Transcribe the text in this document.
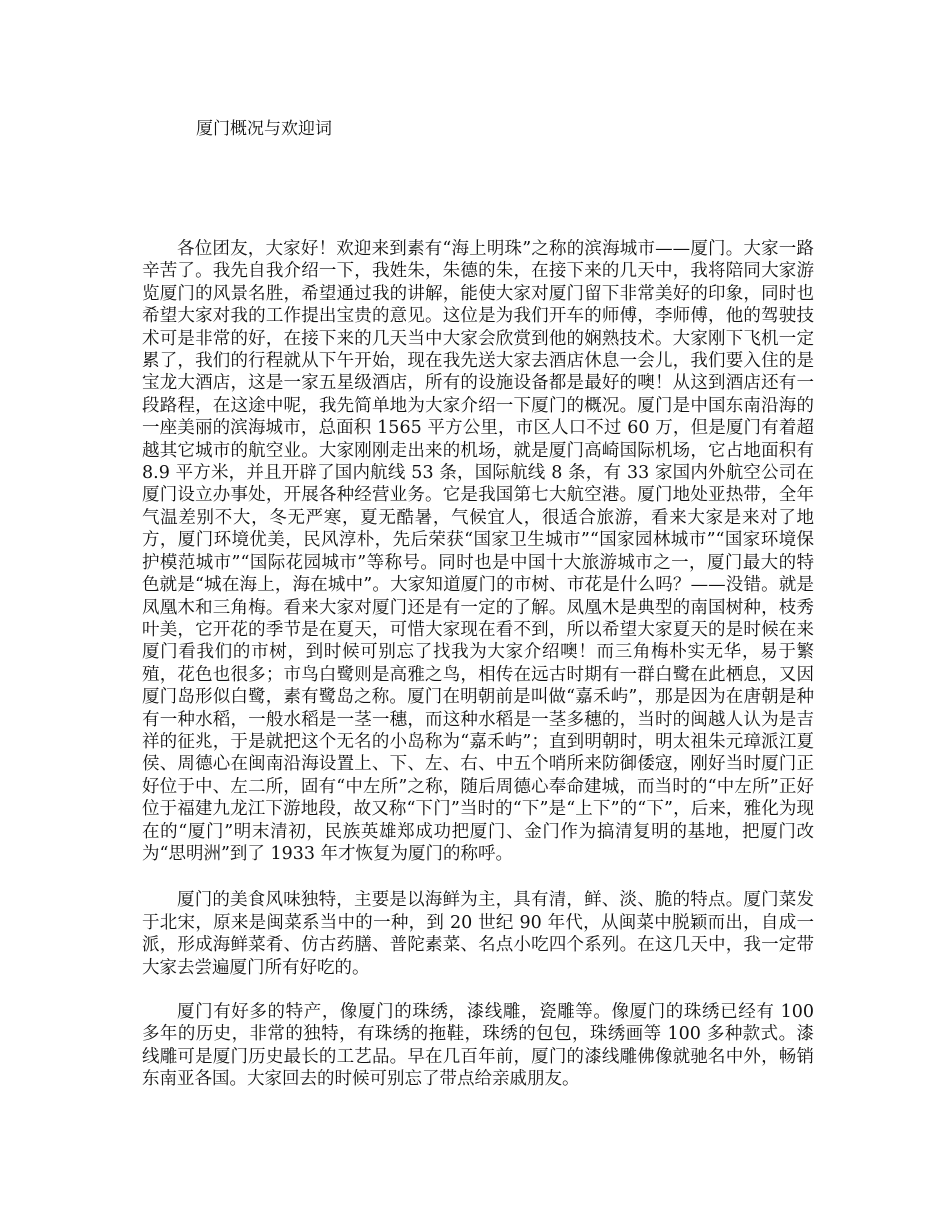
厦门概况与欢迎词

各位团友，大家好！欢迎来到素有“海上明珠”之称的滨海城市——厦门。大家一路辛苦了。我先自我介绍一下，我姓朱，朱德的朱，在接下来的几天中，我将陪同大家游览厦门的风景名胜，希望通过我的讲解，能使大家对厦门留下非常美好的印象，同时也希望大家对我的工作提出宝贵的意见。这位是为我们开车的师傅，李师傅，他的驾驶技术可是非常的好，在接下来的几天当中大家会欣赏到他的娴熟技术。大家刚下飞机一定累了，我们的行程就从下午开始，现在我先送大家去酒店休息一会儿，我们要入住的是宝龙大酒店，这是一家五星级酒店，所有的设施设备都是最好的噢！从这到酒店还有一段路程，在这途中呢，我先简单地为大家介绍一下厦门的概况。厦门是中国东南沿海的一座美丽的滨海城市，总面积 1565 平方公里，市区人口不过 60 万，但是厦门有着超越其它城市的航空业。大家刚刚走出来的机场，就是厦门高崎国际机场，它占地面积有 8.9 平方米，并且开辟了国内航线 53 条，国际航线 8 条，有 33 家国内外航空公司在厦门设立办事处，开展各种经营业务。它是我国第七大航空港。厦门地处亚热带，全年气温差别不大，冬无严寒，夏无酷暑，气候宜人，很适合旅游，看来大家是来对了地方，厦门环境优美，民风淳朴，先后荣获“国家卫生城市”“国家园林城市”“国家环境保护模范城市”“国际花园城市”等称号。同时也是中国十大旅游城市之一，厦门最大的特色就是“城在海上，海在城中”。大家知道厦门的市树、市花是什么吗？——没错。就是凤凰木和三角梅。看来大家对厦门还是有一定的了解。凤凰木是典型的南国树种，枝秀叶美，它开花的季节是在夏天，可惜大家现在看不到，所以希望大家夏天的是时候在来厦门看我们的市树，到时候可别忘了找我为大家介绍噢！而三角梅朴实无华，易于繁殖，花色也很多；市鸟白鹭则是高雅之鸟，相传在远古时期有一群白鹭在此栖息，又因厦门岛形似白鹭，素有鹭岛之称。厦门在明朝前是叫做“嘉禾屿”，那是因为在唐朝是种有一种水稻，一般水稻是一茎一穗，而这种水稻是一茎多穗的，当时的闽越人认为是吉祥的征兆，于是就把这个无名的小岛称为“嘉禾屿”；直到明朝时，明太祖朱元璋派江夏侯、周德心在闽南沿海设置上、下、左、右、中五个哨所来防御倭寇，刚好当时厦门正好位于中、左二所，固有“中左所”之称，随后周德心奉命建城，而当时的“中左所”正好位于福建九龙江下游地段，故又称“下门”当时的“下”是“上下”的“下”，后来，雅化为现在的“厦门”明末清初，民族英雄郑成功把厦门、金门作为搞清复明的基地，把厦门改为“思明洲”到了 1933 年才恢复为厦门的称呼。

厦门的美食风味独特，主要是以海鲜为主，具有清，鲜、淡、脆的特点。厦门菜发于北宋，原来是闽菜系当中的一种，到 20 世纪 90 年代，从闽菜中脱颖而出，自成一派，形成海鲜菜肴、仿古药膳、普陀素菜、名点小吃四个系列。在这几天中，我一定带大家去尝遍厦门所有好吃的。

厦门有好多的特产，像厦门的珠绣，漆线雕，瓷雕等。像厦门的珠绣已经有 100 多年的历史，非常的独特，有珠绣的拖鞋，珠绣的包包，珠绣画等 100 多种款式。漆线雕可是厦门历史最长的工艺品。早在几百年前，厦门的漆线雕佛像就驰名中外，畅销东南亚各国。大家回去的时候可别忘了带点给亲戚朋友。
